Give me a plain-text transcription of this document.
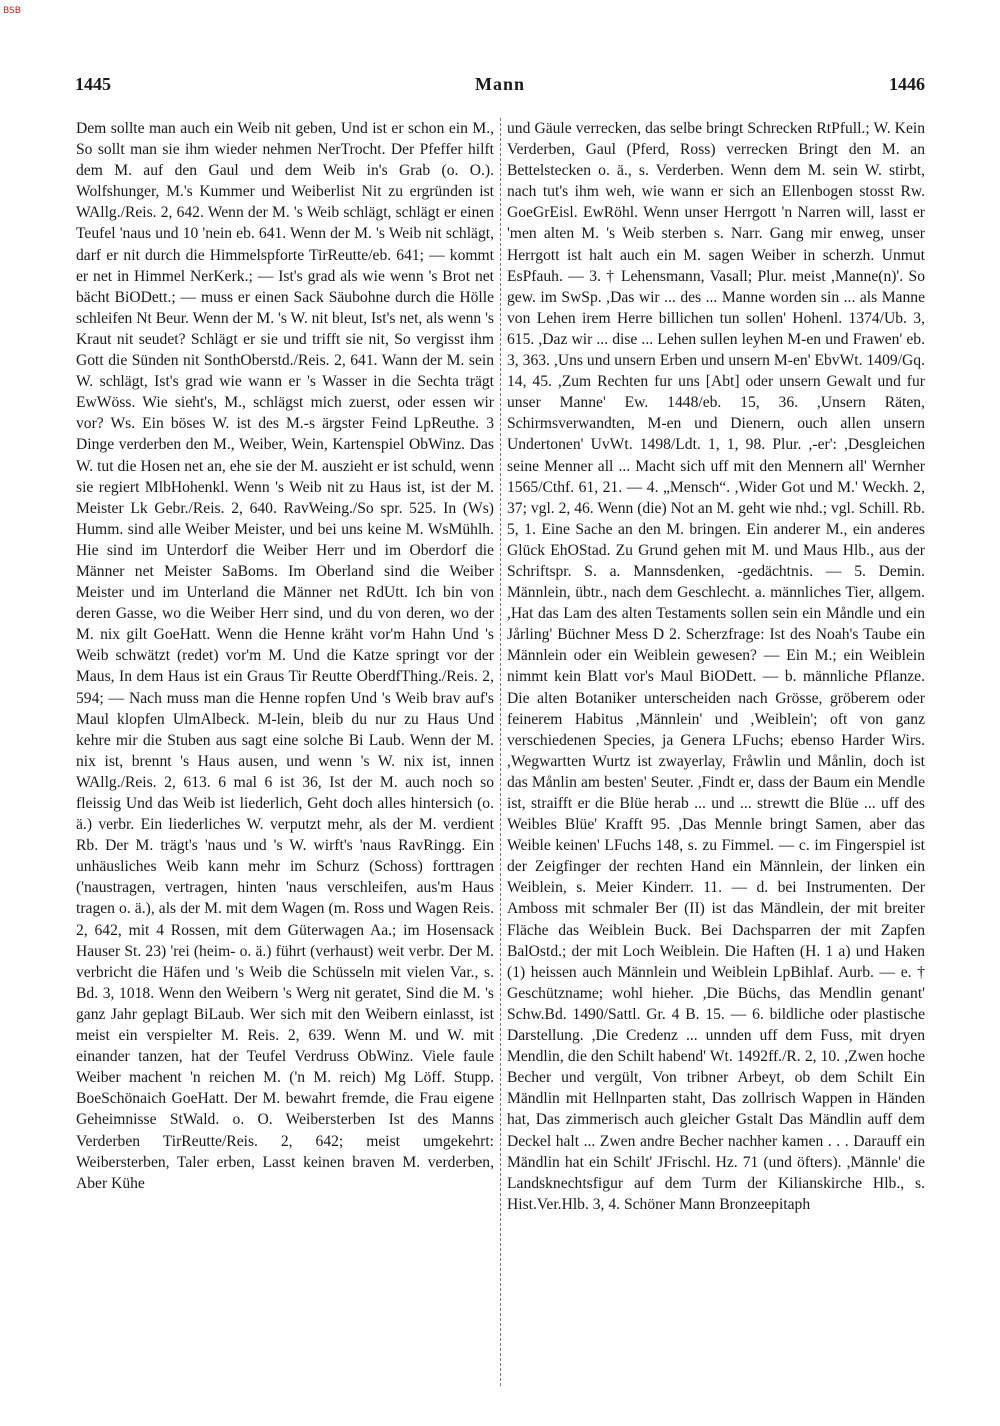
BSB
1445	Mann	1446
Dem sollte man auch ein Weib nit geben, Und ist er schon ein M., So sollt man sie ihm wieder nehmen NerTrocht. Der Pfeffer hilft dem M. auf den Gaul und dem Weib in's Grab (o. O.). Wolfshunger, M.'s Kummer und Weiberlist Nit zu ergründen ist WAllg./Reis. 2, 642. Wenn der M. 's Weib schlägt, schlägt er einen Teufel 'naus und 10 'nein eb. 641. Wenn der M. 's Weib nit schlägt, darf er nit durch die Himmelspforte TirReutte/eb. 641; — kommt er net in Himmel NerKerk.; — Ist's grad als wie wenn 's Brot net bächt BiODett.; — muss er einen Sack Säubohne durch die Hölle schleifen Nt Beur. Wenn der M. 's W. nit bleut, Ist's net, als wenn 's Kraut nit seudet? Schlägt er sie und trifft sie nit, So vergisst ihm Gott die Sünden nit SonthOberstd./Reis. 2, 641. Wann der M. sein W. schlägt, Ist's grad wie wann er 's Wasser in die Sechta trägt EwWöss. Wie sieht's, M., schlägst mich zuerst, oder essen wir vor? Ws. Ein böses W. ist des M.-s ärgster Feind LpReuthe. 3 Dinge verderben den M., Weiber, Wein, Kartenspiel ObWinz. Das W. tut die Hosen net an, ehe sie der M. auszieht er ist schuld, wenn sie regiert MlbHohenkl. Wenn 's Weib nit zu Haus ist, ist der M. Meister Lk Gebr./Reis. 2, 640. RavWeing./So spr. 525. In (Ws) Humm. sind alle Weiber Meister, und bei uns keine M. WsMühlh. Hie sind im Unterdorf die Weiber Herr und im Oberdorf die Männer net Meister SaBoms. Im Oberland sind die Weiber Meister und im Unterland die Männer net RdUtt. Ich bin von deren Gasse, wo die Weiber Herr sind, und du von deren, wo der M. nix gilt GoeHatt. Wenn die Henne kräht vor'm Hahn Und 's Weib schwätzt (redet) vor'm M. Und die Katze springt vor der Maus, In dem Haus ist ein Graus Tir Reutte OberdfThing./Reis. 2, 594; — Nach muss man die Henne ropfen Und 's Weib brav auf's Maul klopfen UlmAlbeck. M-lein, bleib du nur zu Haus Und kehre mir die Stuben aus sagt eine solche Bi Laub. Wenn der M. nix ist, brennt 's Haus ausen, und wenn 's W. nix ist, innen WAllg./Reis. 2, 613. 6 mal 6 ist 36, Ist der M. auch noch so fleissig Und das Weib ist liederlich, Geht doch alles hintersich (o. ä.) verbr. Ein liederliches W. verputzt mehr, als der M. verdient Rb. Der M. trägt's 'naus und 's W. wirft's 'naus RavRingg. Ein unhäusliches Weib kann mehr im Schurz (Schoss) forttragen ('naustragen, vertragen, hinten 'naus verschleifen, aus'm Haus tragen o. ä.), als der M. mit dem Wagen (m. Ross und Wagen Reis. 2, 642, mit 4 Rossen, mit dem Güterwagen Aa.; im Hosensack Hauser St. 23) 'rei (heim- o. ä.) führt (verhaust) weit verbr. Der M. verbricht die Häfen und 's Weib die Schüsseln mit vielen Var., s. Bd. 3, 1018. Wenn den Weibern 's Werg nit geratet, Sind die M. 's ganz Jahr geplagt BiLaub. Wer sich mit den Weibern einlasst, ist meist ein verspielter M. Reis. 2, 639. Wenn M. und W. mit einander tanzen, hat der Teufel Verdruss ObWinz. Viele faule Weiber machent 'n reichen M. ('n M. reich) Mg Löff. Stupp. BoeSchönaich GoeHatt. Der M. bewahrt fremde, die Frau eigene Geheimnisse StWald. o. O. Weibersterben Ist des Manns Verderben TirReutte/Reis. 2, 642; meist umgekehrt: Weibersterben, Taler erben, Lasst keinen braven M. verderben, Aber Kühe
und Gäule verrecken, das selbe bringt Schrecken RtPfull.; W. Kein Verderben, Gaul (Pferd, Ross) verrecken Bringt den M. an Bettelstecken o. ä., s. Verderben. Wenn dem M. sein W. stirbt, nach tut's ihm weh, wie wann er sich an Ellenbogen stosst Rw. GoeGrEisl. EwRöhl. Wenn unser Herrgott 'n Narren will, lasst er 'men alten M. 's Weib sterben s. Narr. Gang mir enweg, unser Herrgott ist halt auch ein M. sagen Weiber in scherzh. Unmut EsPfauh. — 3. † Lehensmann, Vasall; Plur. meist ,Manne(n)'. So gew. im SwSp. ,Das wir ... des ... Manne worden sin ... als Manne von Lehen irem Herre billichen tun sollen' Hohenl. 1374/Ub. 3, 615. ,Daz wir ... dise ... Lehen sullen leyhen M-en und Frawen' eb. 3, 363. ,Uns und unsern Erben und unsern M-en' EbvWt. 1409/Gq. 14, 45. ,Zum Rechten fur uns [Abt] oder unsern Gewalt und fur unser Manne' Ew. 1448/eb. 15, 36. ,Unsern Räten, Schirmsverwandten, M-en und Dienern, ouch allen unsern Undertonen' UvWt. 1498/Ldt. 1, 1, 98. Plur. ,-er': ,Desgleichen seine Menner all ... Macht sich uff mit den Mennern all' Wernher 1565/Cthf. 61, 21. — 4. „Mensch“. ,Wider Got und M.' Weckh. 2, 37; vgl. 2, 46. Wenn (die) Not an M. geht wie nhd.; vgl. Schill. Rb. 5, 1. Eine Sache an den M. bringen. Ein anderer M., ein anderes Glück EhOStad. Zu Grund gehen mit M. und Maus Hlb., aus der Schriftspr. S. a. Mannsdenken, -gedächtnis. — 5. Demin. Männlein, übtr., nach dem Geschlecht. a. männliches Tier, allgem. ,Hat das Lam des alten Testaments sollen sein ein Måndle und ein Jårling' Büchner Mess D 2. Scherzfrage: Ist des Noah's Taube ein Männlein oder ein Weiblein gewesen? — Ein M.; ein Weiblein nimmt kein Blatt vor's Maul BiODett. — b. männliche Pflanze. Die alten Botaniker unterscheiden nach Grösse, gröberem oder feinerem Habitus ,Männlein' und ,Weiblein'; oft von ganz verschiedenen Species, ja Genera LFuchs; ebenso Harder Wirs. ,Wegwartten Wurtz ist zwayerlay, Fråwlin und Månlin, doch ist das Månlin am besten' Seuter. ,Findt er, dass der Baum ein Mendle ist, straifft er die Blüe herab ... und ... strewtt die Blüe ... uff des Weibles Blüe' Krafft 95. ,Das Mennle bringt Samen, aber das Weible keinen' LFuchs 148, s. zu Fimmel. — c. im Fingerspiel ist der Zeigfinger der rechten Hand ein Männlein, der linken ein Weiblein, s. Meier Kinderr. 11. — d. bei Instrumenten. Der Amboss mit schmaler Ber (II) ist das Mändlein, der mit breiter Fläche das Weiblein Buck. Bei Dachsparren der mit Zapfen BalOstd.; der mit Loch Weiblein. Die Haften (H. 1 a) und Haken (1) heissen auch Männlein und Weiblein LpBihlaf. Aurb. — e. † Geschützname; wohl hieher. ,Die Büchs, das Mendlin genant' Schw.Bd. 1490/Sattl. Gr. 4 B. 15. — 6. bildliche oder plastische Darstellung. ,Die Credenz ... unnden uff dem Fuss, mit dryen Mendlin, die den Schilt habend' Wt. 1492ff./R. 2, 10. ,Zwen hoche Becher und vergült, Von tribner Arbeyt, ob dem Schilt Ein Mändlin mit Hellnparten staht, Das zollrisch Wappen in Händen hat, Das zimmerisch auch gleicher Gstalt Das Mändlin auff dem Deckel halt ... Zwen andre Becher nachher kamen . . . Darauff ein Mändlin hat ein Schilt' JFrischl. Hz. 71 (und öfters). ,Männle' die Landsknechtsfigur auf dem Turm der Kilianskirche Hlb., s. Hist.Ver.Hlb. 3, 4. Schöner Mann Bronzeepitaph
